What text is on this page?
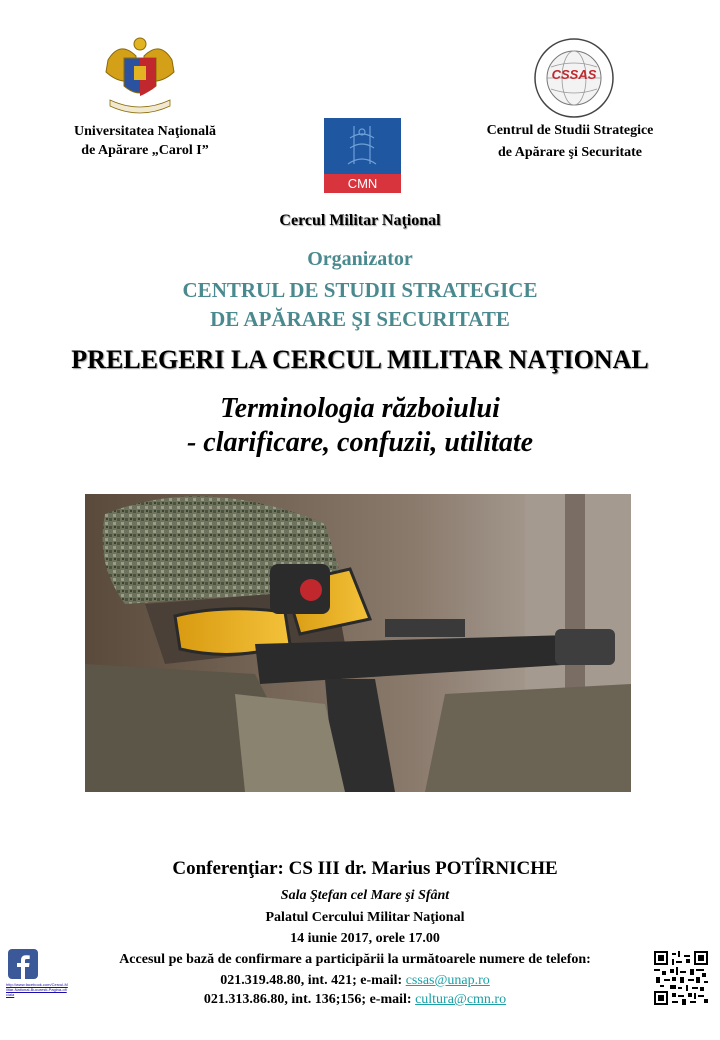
Universitatea Naţională
de Apărare „Carol I”
CMN
CSSAS
Centrul de Studii Strategice
de Apărare şi Securitate
Cercul Militar Naţional
Organizator
CENTRUL DE STUDII STRATEGICE
DE APĂRARE ŞI SECURITATE
PRELEGERI LA CERCUL MILITAR NAŢIONAL
Terminologia războiului
- clarificare, confuzii, utilitate
Conferenţiar: CS III dr. Marius POTÎRNICHE
Sala Ştefan cel Mare şi Sfânt
Palatul Cercului Militar Naţional
14 iunie 2017, orele 17.00
Accesul pe bază de confirmare a participării la următoarele numere de telefon:
021.319.48.80, int. 421; e-mail: cssas@unap.ro
021.313.86.80, int. 136;156; e-mail: cultura@cmn.ro
http://www.facebook.com/Cercul-Militar-National-Bucuresti-Pagina-oficiala
